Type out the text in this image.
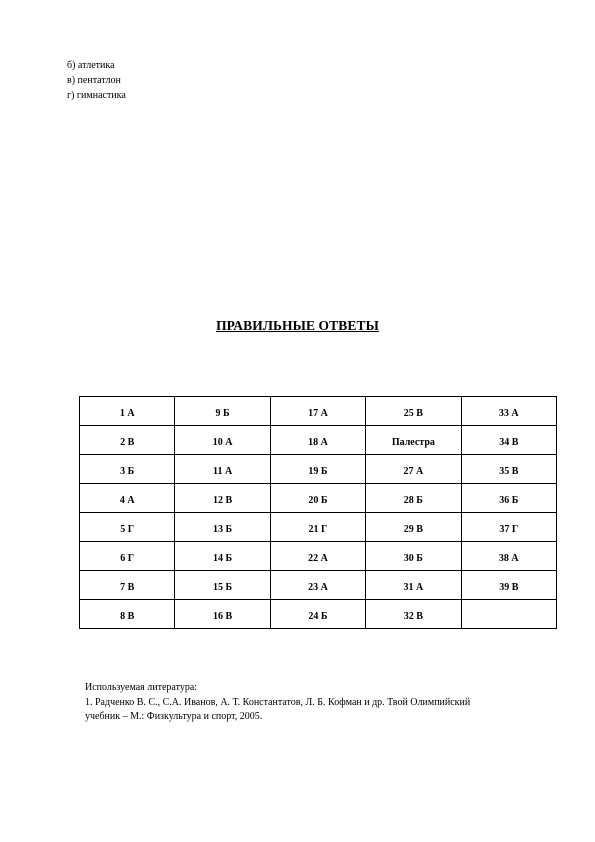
б) атлетика
в) пентатлон
г) гимнастика
ПРАВИЛЬНЫЕ ОТВЕТЫ
1 А	9 Б	17 А	25 В	33 А
2 В	10 А	18 А	Палестра	34 В
3 Б	11 А	19 Б	27 А	35 В
4 А	12 В	20 Б	28 Б	36 Б
5 Г	13 Б	21 Г	29 В	37 Г
6 Г	14 Б	22 А	30 Б	38 А
7 В	15 Б	23 А	31 А	39 В
8 В	16 В	24 Б	32 В	
Используемая литература:
1. Радченко В. С., С.А. Иванов, А. Т. Константатов, Л. Б. Кофман и др. Твой Олимпийский
учебник – М.: Физкультура и спорт, 2005.
